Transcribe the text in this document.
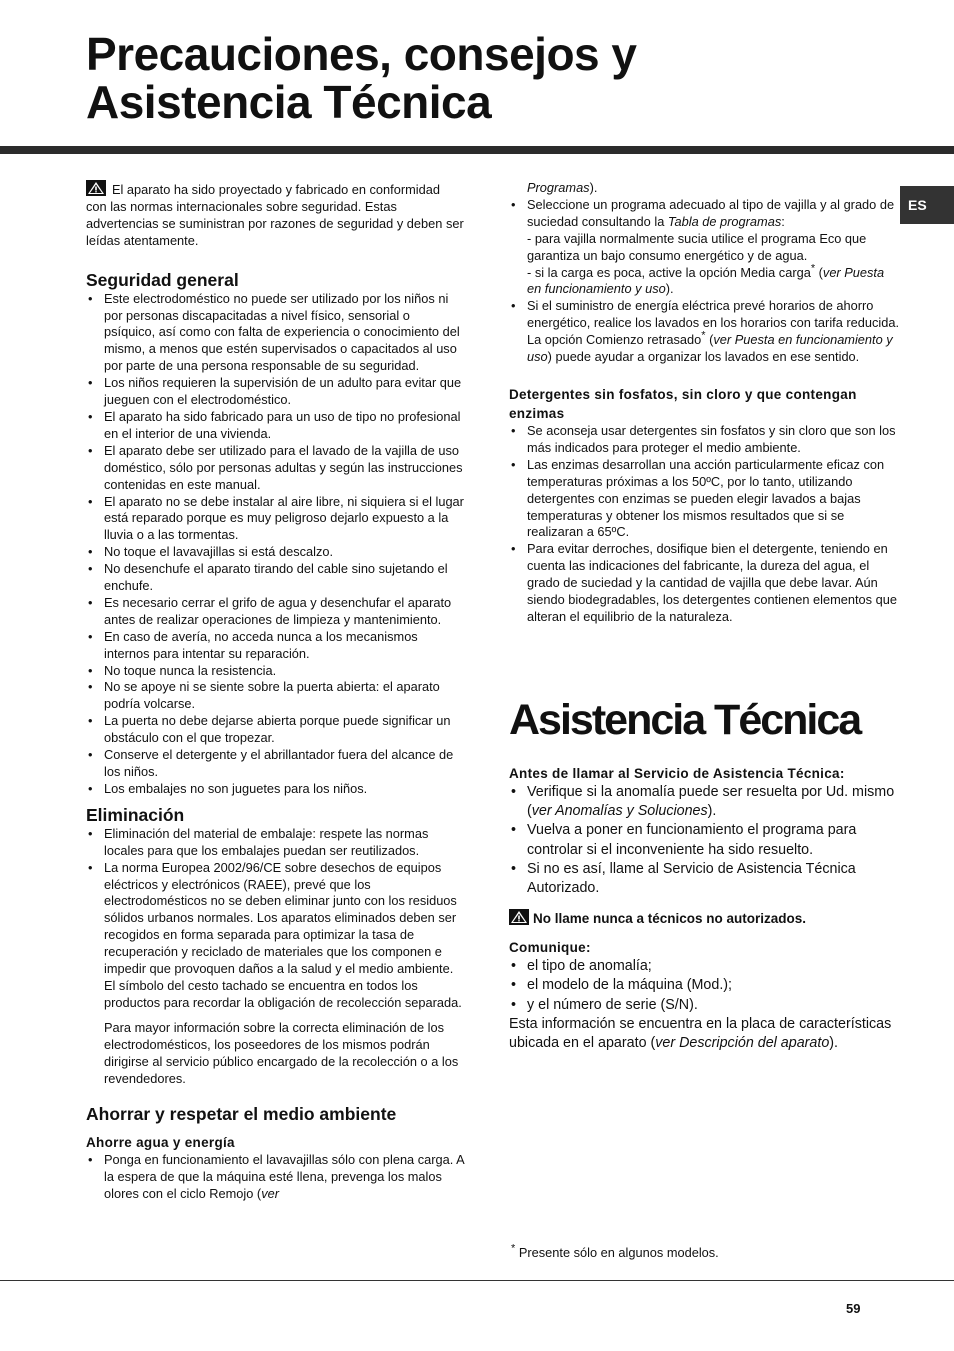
Precauciones, consejos y
Asistencia Técnica
ES

El aparato ha sido proyectado y fabricado en conformidad con las normas internacionales sobre seguridad. Estas advertencias se suministran por razones de seguridad y deben ser leídas atentamente.

Seguridad general
• Este electrodoméstico no puede ser utilizado por los niños ni por personas discapacitadas a nivel físico, sensorial o psíquico, así como con falta de experiencia o conocimiento del mismo, a menos que estén supervisados o capacitados al uso por parte de una persona responsable de su seguridad.
• Los niños requieren la supervisión de un adulto para evitar que jueguen con el electrodoméstico.
• El aparato ha sido fabricado para un uso de tipo no profesional en el interior de una vivienda.
• El aparato debe ser utilizado para el lavado de la vajilla de uso doméstico, sólo por personas adultas y según las instrucciones contenidas en este manual.
• El aparato no se debe instalar al aire libre, ni siquiera si el lugar está reparado porque es muy peligroso dejarlo expuesto a la lluvia o a las tormentas.
• No toque el lavavajillas si está descalzo.
• No desenchufe el aparato tirando del cable sino sujetando el enchufe.
• Es necesario cerrar el grifo de agua y desenchufar el aparato antes de realizar operaciones de limpieza y mantenimiento.
• En caso de avería, no acceda nunca a los mecanismos internos para intentar su reparación.
• No toque nunca la resistencia.
• No se apoye ni se siente sobre la puerta abierta: el aparato podría volcarse.
• La puerta no debe dejarse abierta porque puede significar un obstáculo con el que tropezar.
• Conserve el detergente y el abrillantador fuera del alcance de los niños.
• Los embalajes no son juguetes para los niños.
Eliminación
• Eliminación del material de embalaje: respete las normas locales para que los embalajes puedan ser reutilizados.
• La norma Europea 2002/96/CE sobre desechos de equipos eléctricos y electrónicos (RAEE), prevé que los electrodomésticos no se deben eliminar junto con los residuos sólidos urbanos normales. Los aparatos eliminados deben ser recogidos en forma separada para optimizar la tasa de recuperación y reciclado de materiales que los componen e impedir que provoquen daños a la salud y el medio ambiente. El símbolo del cesto tachado se encuentra en todos los productos para recordar la obligación de recolección separada.

Para mayor información sobre la correcta eliminación de los electrodomésticos, los poseedores de los mismos podrán dirigirse al servicio público encargado de la recolección o a los revendedores.

Ahorrar y respetar el medio ambiente
Ahorre agua y energía
• Ponga en funcionamiento el lavavajillas sólo con plena carga. A la espera de que la máquina esté llena, prevenga los malos olores con el ciclo Remojo (ver

Programas).

• Seleccione un programa adecuado al tipo de vajilla y al grado de suciedad consultando la Tabla de programas:
- para vajilla normalmente sucia utilice el programa Eco que garantiza un bajo consumo energético y de agua.
- si la carga es poca, active la opción Media carga* (ver Puesta en funcionamiento y uso).
• Si el suministro de energía eléctrica prevé horarios de ahorro energético, realice los lavados en los horarios con tarifa reducida. La opción Comienzo retrasado* (ver Puesta en funcionamiento y uso) puede ayudar a organizar los lavados en ese sentido.
Detergentes sin fosfatos, sin cloro y que contengan enzimas
• Se aconseja usar detergentes sin fosfatos y sin cloro que son los más indicados para proteger el medio ambiente.
• Las enzimas desarrollan una acción particularmente eficaz con temperaturas próximas a los 50ºC, por lo tanto, utilizando detergentes con enzimas se pueden elegir lavados a bajas temperaturas y obtener los mismos resultados que si se realizaran a 65ºC.
• Para evitar derroches, dosifique bien el detergente, teniendo en cuenta las indicaciones del fabricante, la dureza del agua, el grado de suciedad y la cantidad de vajilla que debe lavar. Aún siendo biodegradables, los detergentes contienen elementos que alteran el equilibrio de la naturaleza.
Asistencia Técnica
Antes de llamar al Servicio de Asistencia Técnica:
• Verifique si la anomalía puede ser resuelta por Ud. mismo (ver Anomalías y Soluciones).
• Vuelva a poner en funcionamiento el programa para controlar si el inconveniente ha sido resuelto.
• Si no es así, llame al Servicio de Asistencia Técnica Autorizado.

No llame nunca a técnicos no autorizados.

Comunique:
• el tipo de anomalía;
• el modelo de la máquina (Mod.);
• y el número de serie (S/N).

Esta información se encuentra en la placa de características ubicada en el aparato (ver Descripción del aparato).

* Presente sólo en algunos modelos.

59
